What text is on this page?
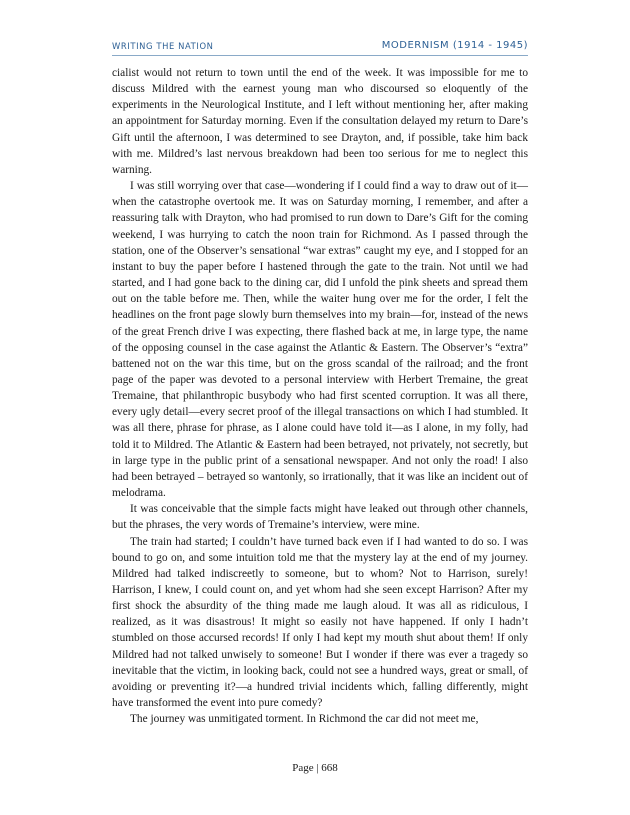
WRITING THE NATION	MODERNISM (1914 - 1945)

cialist would not return to town until the end of the week. It was impossible for me to discuss Mildred with the earnest young man who discoursed so eloquently of the experiments in the Neurological Institute, and I left without mentioning her, after making an appointment for Saturday morning. Even if the consultation delayed my return to Dare’s Gift until the afternoon, I was determined to see Drayton, and, if possible, take him back with me. Mildred’s last nervous breakdown had been too serious for me to neglect this warning.

I was still worrying over that case—wondering if I could find a way to draw out of it—when the catastrophe overtook me. It was on Saturday morning, I remember, and after a reassuring talk with Drayton, who had promised to run down to Dare’s Gift for the coming weekend, I was hurrying to catch the noon train for Richmond. As I passed through the station, one of the Observer’s sensational “war extras” caught my eye, and I stopped for an instant to buy the paper before I hastened through the gate to the train. Not until we had started, and I had gone back to the dining car, did I unfold the pink sheets and spread them out on the table before me. Then, while the waiter hung over me for the order, I felt the headlines on the front page slowly burn themselves into my brain—for, instead of the news of the great French drive I was expecting, there flashed back at me, in large type, the name of the opposing counsel in the case against the Atlantic & Eastern. The Observer’s “extra” battened not on the war this time, but on the gross scandal of the railroad; and the front page of the paper was devoted to a personal interview with Herbert Tremaine, the great Tremaine, that philanthropic busybody who had first scented corruption. It was all there, every ugly detail—every secret proof of the illegal transactions on which I had stumbled. It was all there, phrase for phrase, as I alone could have told it—as I alone, in my folly, had told it to Mildred. The Atlantic & Eastern had been betrayed, not privately, not secretly, but in large type in the public print of a sensational newspaper. And not only the road! I also had been betrayed – betrayed so wantonly, so irrationally, that it was like an incident out of melodrama.

It was conceivable that the simple facts might have leaked out through other channels, but the phrases, the very words of Tremaine’s interview, were mine.

The train had started; I couldn’t have turned back even if I had wanted to do so. I was bound to go on, and some intuition told me that the mystery lay at the end of my journey. Mildred had talked indiscreetly to someone, but to whom? Not to Harrison, surely! Harrison, I knew, I could count on, and yet whom had she seen except Harrison? After my first shock the absurdity of the thing made me laugh aloud. It was all as ridiculous, I realized, as it was disastrous! It might so easily not have happened. If only I hadn’t stumbled on those accursed records! If only I had kept my mouth shut about them! If only Mildred had not talked unwisely to someone! But I wonder if there was ever a tragedy so inevitable that the victim, in looking back, could not see a hundred ways, great or small, of avoiding or preventing it?—a hundred trivial incidents which, falling differently, might have transformed the event into pure comedy?

The journey was unmitigated torment. In Richmond the car did not meet me,

Page | 668
